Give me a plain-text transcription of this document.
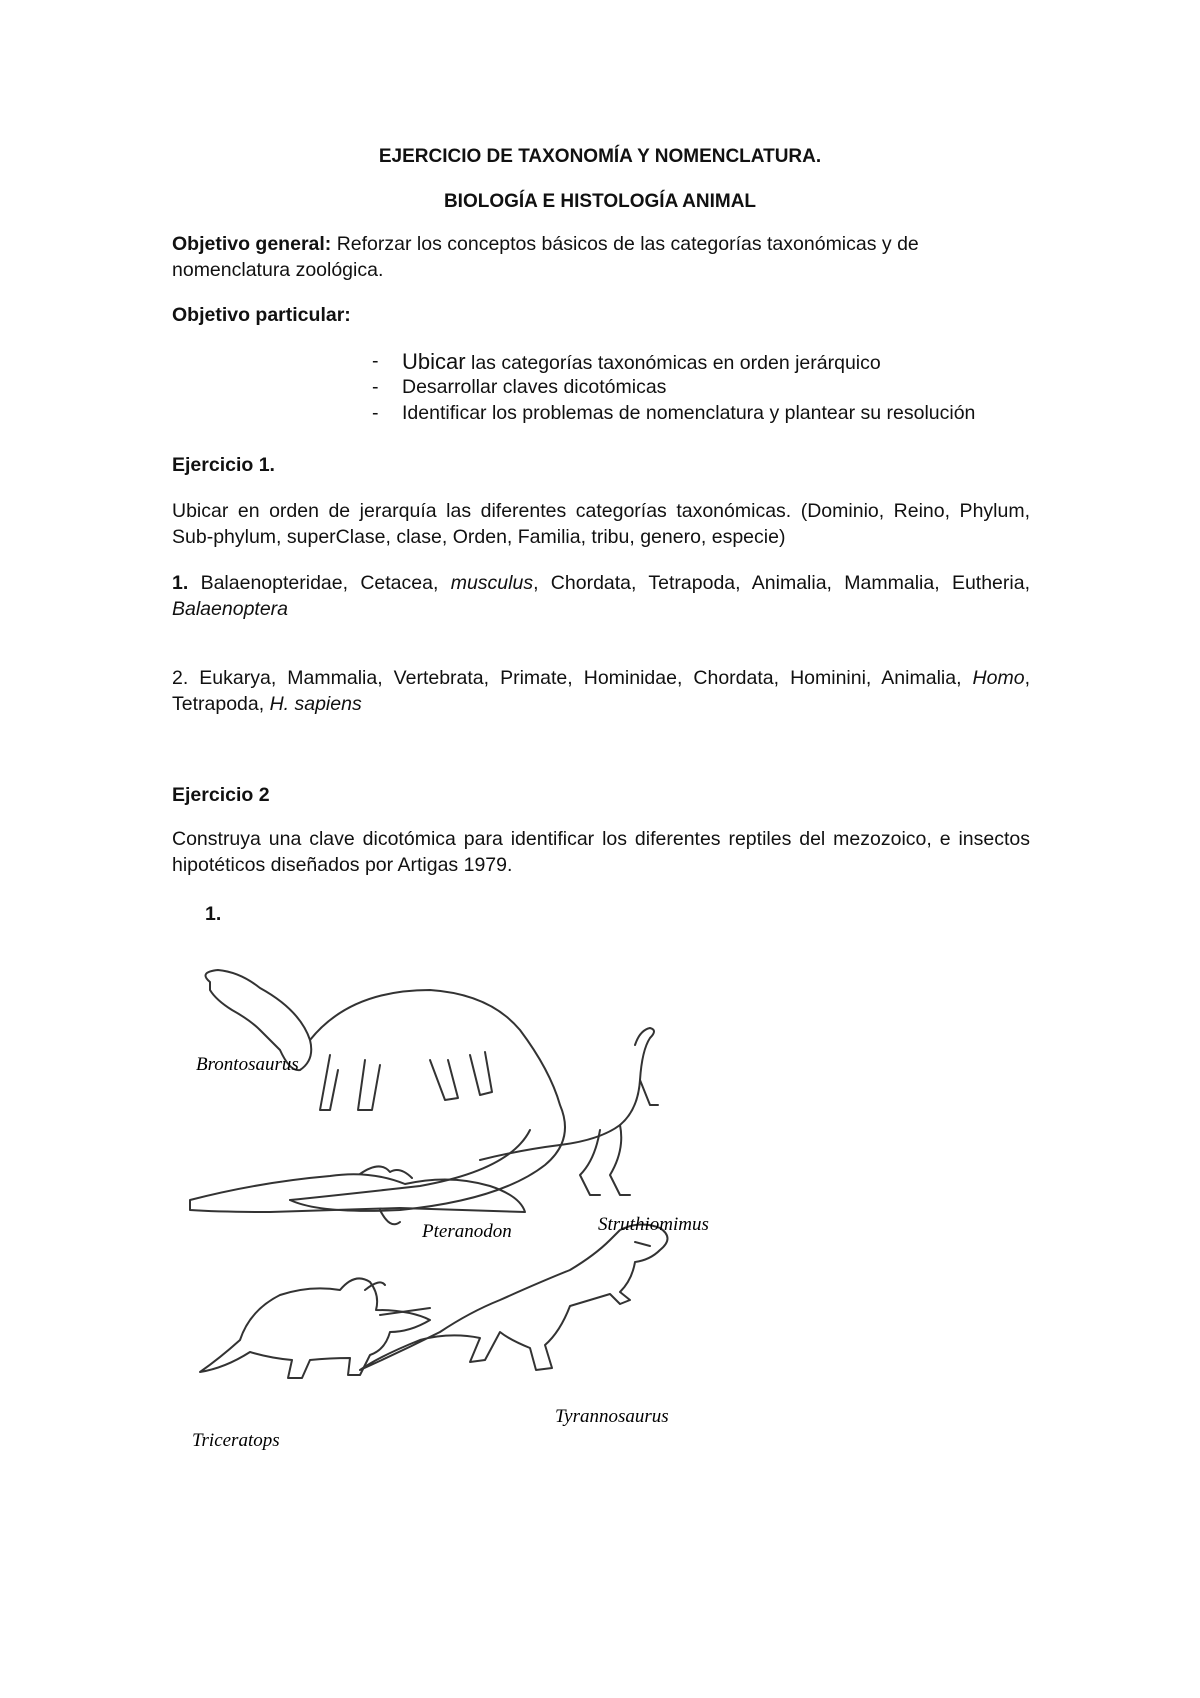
EJERCICIO DE TAXONOMÍA Y NOMENCLATURA.
BIOLOGÍA E HISTOLOGÍA ANIMAL
Objetivo general: Reforzar los conceptos básicos de las categorías taxonómicas y de
nomenclatura zoológica.
Objetivo particular:
-	Ubicar las categorías taxonómicas en orden jerárquico
-	Desarrollar claves dicotómicas
-	Identificar los problemas de nomenclatura y plantear su resolución
Ejercicio 1.
Ubicar en orden de jerarquía las diferentes categorías taxonómicas. (Dominio, Reino, Phylum, Sub-phylum, superClase, clase, Orden, Familia, tribu, genero, especie)
1. Balaenopteridae, Cetacea, musculus, Chordata, Tetrapoda, Animalia, Mammalia, Eutheria, Balaenoptera
2. Eukarya, Mammalia, Vertebrata, Primate, Hominidae, Chordata, Hominini, Animalia, Homo, Tetrapoda, H. sapiens
Ejercicio 2
Construya una clave dicotómica para identificar los diferentes reptiles del mezozoico, e insectos hipotéticos diseñados por Artigas 1979.
1.
Brontosaurus
Pteranodon	Struthiomimus
Triceratops
Tyrannosaurus
